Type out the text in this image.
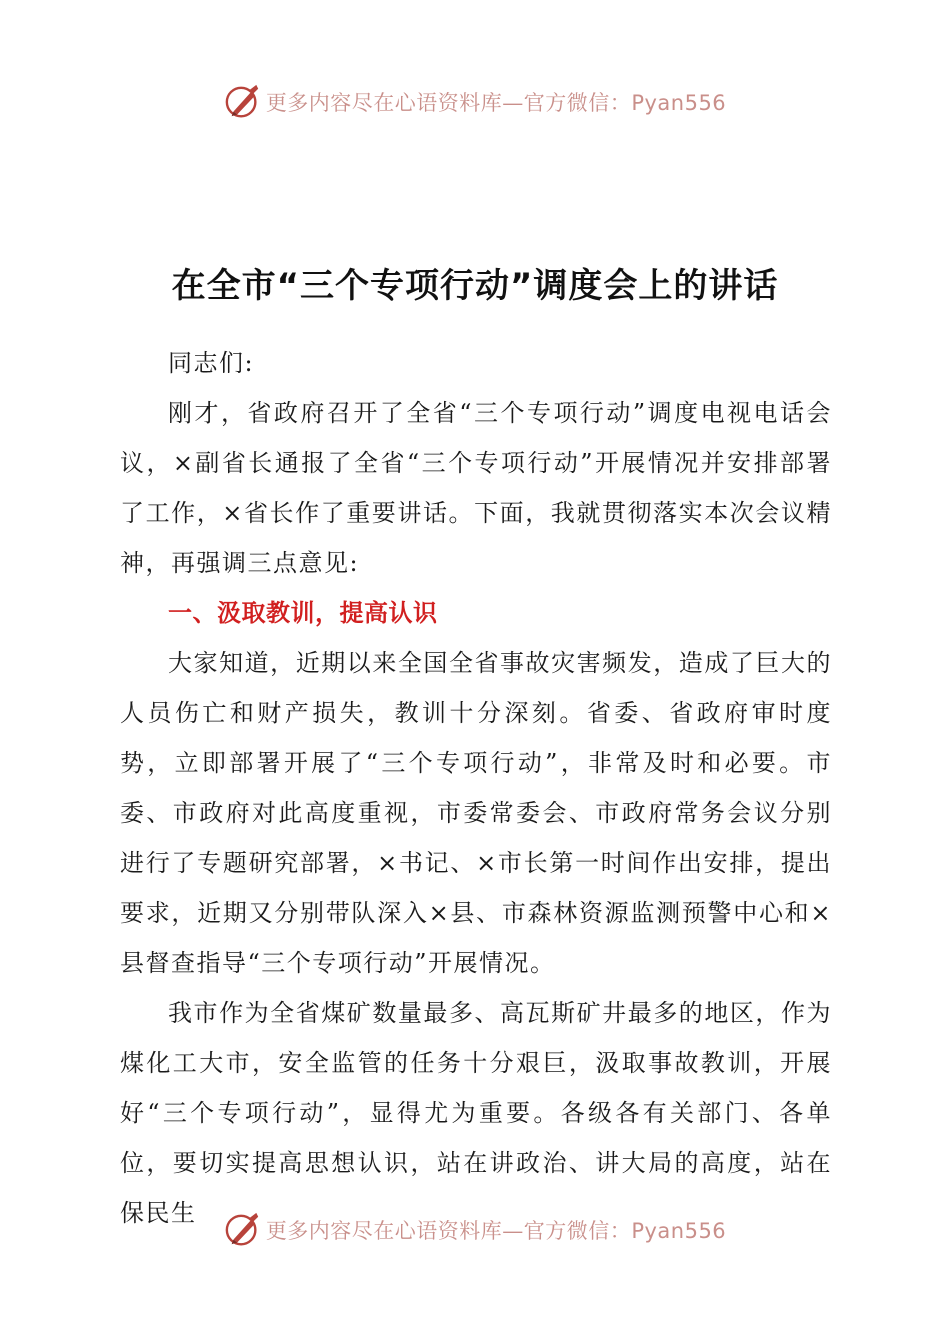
更多内容尽在心语资料库—官方微信：Pyan556
在全市“三个专项行动”调度会上的讲话

同志们:

刚才，省政府召开了全省“三个专项行动”调度电视电话会议，×副省长通报了全省“三个专项行动”开展情况并安排部署了工作，×省长作了重要讲话。下面，我就贯彻落实本次会议精神，再强调三点意见:

一、汲取教训，提高认识

大家知道，近期以来全国全省事故灾害频发，造成了巨大的人员伤亡和财产损失，教训十分深刻。省委、省政府审时度势，立即部署开展了“三个专项行动”，非常及时和必要。市委、市政府对此高度重视，市委常委会、市政府常务会议分别进行了专题研究部署，×书记、×市长第一时间作出安排，提出要求，近期又分别带队深入×县、市森林资源监测预警中心和×县督查指导“三个专项行动”开展情况。

我市作为全省煤矿数量最多、高瓦斯矿井最多的地区，作为煤化工大市，安全监管的任务十分艰巨，汲取事故教训，开展好“三个专项行动”，显得尤为重要。各级各有关部门、各单位，要切实提高思想认识，站在讲政治、讲大局的高度，站在保民生

更多内容尽在心语资料库—官方微信：Pyan556
